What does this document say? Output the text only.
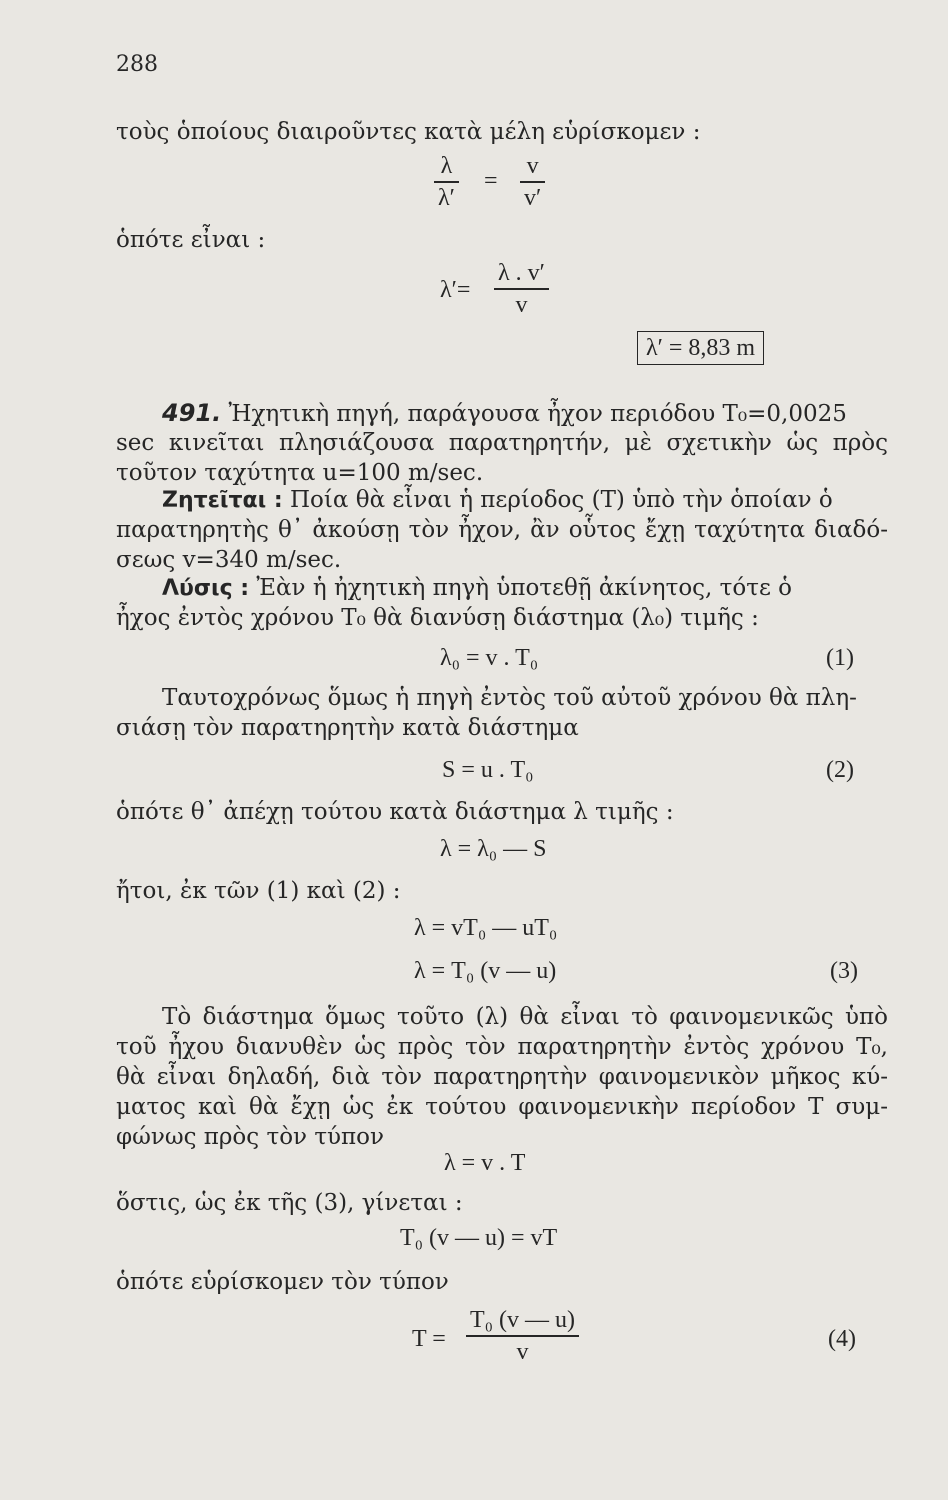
288
τοὺς ὁποίους διαιροῦντες κατὰ μέλη εὑρίσκομεν :
λ
λ′
=
v
v′
ὁπότε εἶναι :
λ′=
λ . v′
v
λ′ = 8,83 m
491. Ἠχητικὴ πηγή, παράγουσα ἦχον περιόδου T₀=0,0025
sec κινεῖται πλησιάζουσα παρατηρητήν, μὲ σχετικὴν ὡς πρὸς
τοῦτον ταχύτητα u=100 m/sec.
Ζητεῖται : Ποία θὰ εἶναι ἡ περίοδος (T) ὑπὸ τὴν ὁποίαν ὁ
παρατηρητὴς θ᾽ ἀκούσῃ τὸν ἦχον, ἂν οὗτος ἔχῃ ταχύτητα διαδό-
σεως v=340 m/sec.
Λύσις : Ἐὰν ἡ ἠχητικὴ πηγὴ ὑποτεθῇ ἀκίνητος, τότε ὁ
ἦχος ἐντὸς χρόνου T₀ θὰ διανύσῃ διάστημα (λ₀) τιμῆς :
λ₀ = v . T₀	(1)
Ταυτοχρόνως ὅμως ἡ πηγὴ ἐντὸς τοῦ αὐτοῦ χρόνου θὰ πλη-
σιάσῃ τὸν παρατηρητὴν κατὰ διάστημα
S = u . T₀	(2)
ὁπότε θ᾽ ἀπέχῃ τούτου κατὰ διάστημα λ τιμῆς :
λ = λ₀ — S
ἤτοι, ἐκ τῶν (1) καὶ (2) :
λ = vT₀ — uT₀
λ = T₀ (v — u)	(3)
Τὸ διάστημα ὅμως τοῦτο (λ) θὰ εἶναι τὸ φαινομενικῶς ὑπὸ
τοῦ ἦχου διανυθὲν ὡς πρὸς τὸν παρατηρητὴν ἐντὸς χρόνου T₀,
θὰ εἶναι δηλαδή, διὰ τὸν παρατηρητὴν φαινομενικὸν μῆκος κύ-
ματος καὶ θὰ ἔχῃ ὡς ἐκ τούτου φαινομενικὴν περίοδον T συμ-
φώνως πρὸς τὸν τύπον
λ = v . T
ὅστις, ὡς ἐκ τῆς (3), γίνεται :
T₀ (v — u) = vT
ὁπότε εὑρίσκομεν τὸν τύπον
T =
T₀ (v — u)
v	(4)
